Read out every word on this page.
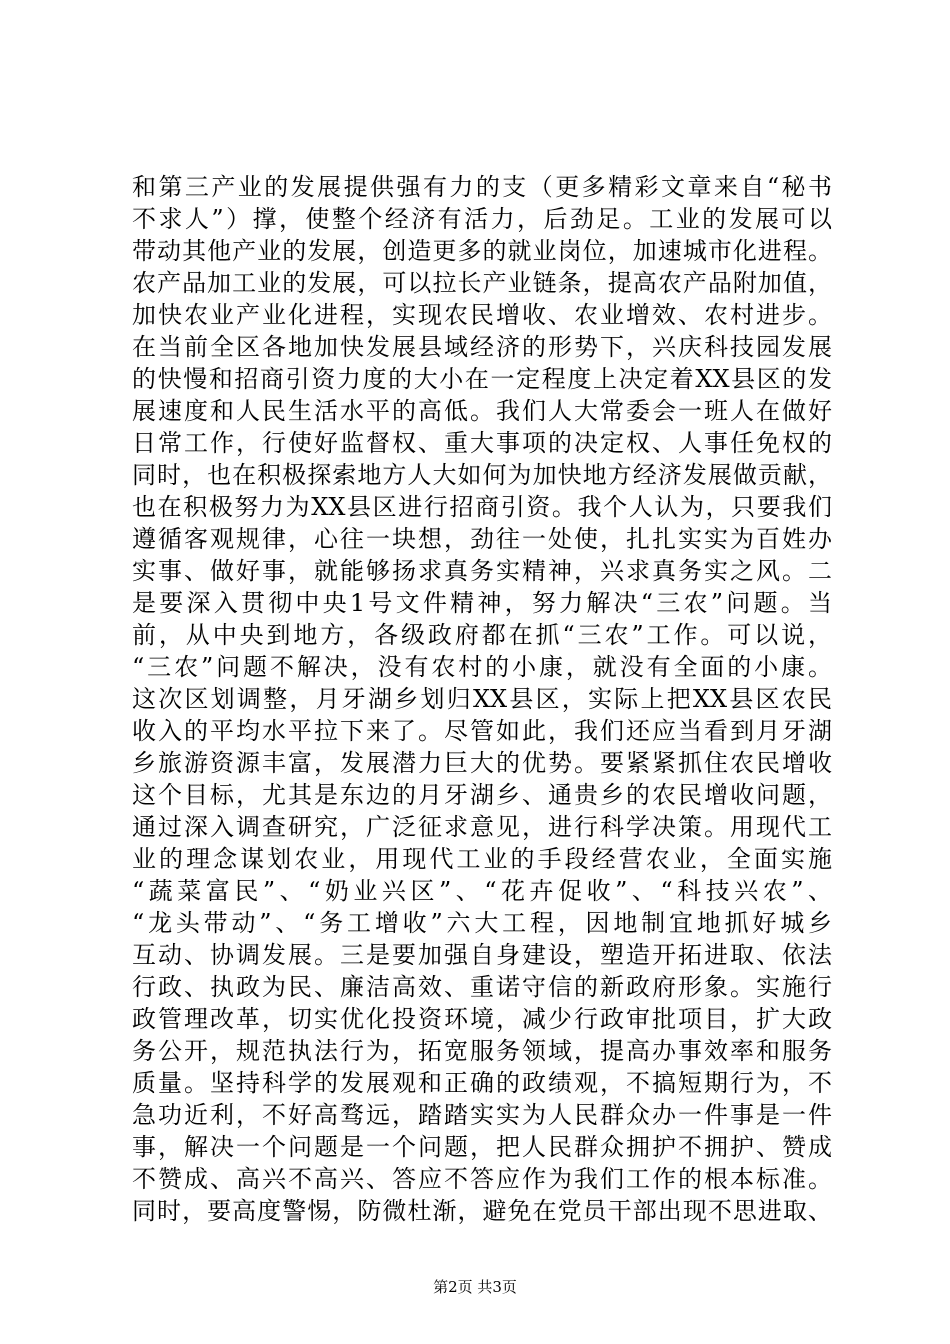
和第三产业的发展提供强有力的支（更多精彩文章来自“秘书
不求人”）撑，使整个经济有活力，后劲足。工业的发展可以
带动其他产业的发展，创造更多的就业岗位，加速城市化进程。
农产品加工业的发展，可以拉长产业链条，提高农产品附加值，
加快农业产业化进程，实现农民增收、农业增效、农村进步。
在当前全区各地加快发展县域经济的形势下，兴庆科技园发展
的快慢和招商引资力度的大小在一定程度上决定着XX县区的发
展速度和人民生活水平的高低。我们人大常委会一班人在做好
日常工作，行使好监督权、重大事项的决定权、人事任免权的
同时，也在积极探索地方人大如何为加快地方经济发展做贡献，
也在积极努力为XX县区进行招商引资。我个人认为，只要我们
遵循客观规律，心往一块想，劲往一处使，扎扎实实为百姓办
实事、做好事，就能够扬求真务实精神，兴求真务实之风。二
是要深入贯彻中央1号文件精神，努力解决“三农”问题。当
前，从中央到地方，各级政府都在抓“三农”工作。可以说，
“三农”问题不解决，没有农村的小康，就没有全面的小康。
这次区划调整，月牙湖乡划归XX县区，实际上把XX县区农民
收入的平均水平拉下来了。尽管如此，我们还应当看到月牙湖
乡旅游资源丰富，发展潜力巨大的优势。要紧紧抓住农民增收
这个目标，尤其是东边的月牙湖乡、通贵乡的农民增收问题，
通过深入调查研究，广泛征求意见，进行科学决策。用现代工
业的理念谋划农业，用现代工业的手段经营农业，全面实施
“蔬菜富民”、“奶业兴区”、“花卉促收”、“科技兴农”、
“龙头带动”、“务工增收”六大工程，因地制宜地抓好城乡
互动、协调发展。三是要加强自身建设，塑造开拓进取、依法
行政、执政为民、廉洁高效、重诺守信的新政府形象。实施行
政管理改革，切实优化投资环境，减少行政审批项目，扩大政
务公开，规范执法行为，拓宽服务领域，提高办事效率和服务
质量。坚持科学的发展观和正确的政绩观，不搞短期行为，不
急功近利，不好高骛远，踏踏实实为人民群众办一件事是一件
事，解决一个问题是一个问题，把人民群众拥护不拥护、赞成
不赞成、高兴不高兴、答应不答应作为我们工作的根本标准。
同时，要高度警惕，防微杜渐，避免在党员干部出现不思进取、
第2页 共3页
